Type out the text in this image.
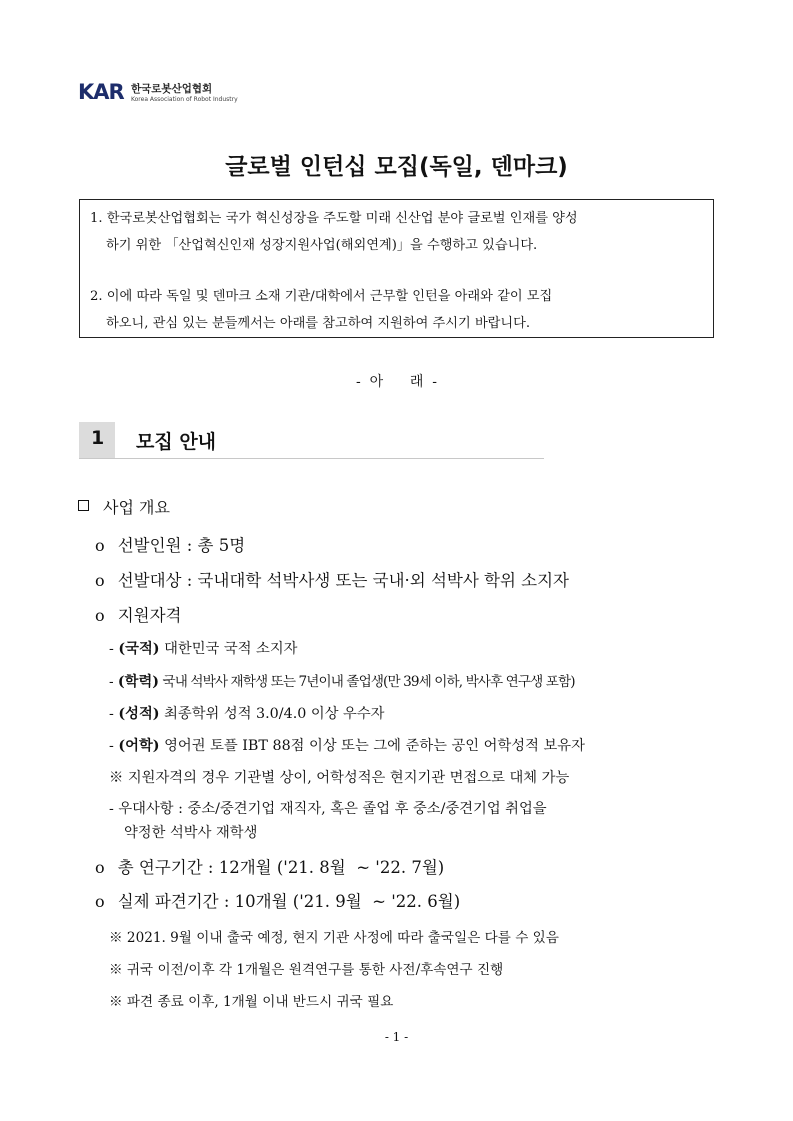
KAR 한국로봇산업협회
Korea Association of Robot Industry
글로벌 인턴십 모집(독일, 덴마크)
1. 한국로봇산업협회는 국가 혁신성장을 주도할 미래 신산업 분야 글로벌 인재를 양성
하기 위한 「산업혁신인재 성장지원사업(해외연계)」을 수행하고 있습니다.
2. 이에 따라 독일 및 덴마크 소재 기관/대학에서 근무할 인턴을 아래와 같이 모집
하오니, 관심 있는 분들께서는 아래를 참고하여 지원하여 주시기 바랍니다.
-  아      래  -
1 모집 안내
사업 개요
o 선발인원 : 총 5명
o 선발대상 : 국내대학 석박사생 또는 국내·외 석박사 학위 소지자
o 지원자격
- (국적) 대한민국 국적 소지자
- (학력) 국내 석박사 재학생 또는 7년이내 졸업생(만 39세 이하, 박사후 연구생 포함)
- (성적) 최종학위 성적 3.0/4.0 이상 우수자
- (어학) 영어권 토플 IBT 88점 이상 또는 그에 준하는 공인 어학성적 보유자
※ 지원자격의 경우 기관별 상이, 어학성적은 현지기관 면접으로 대체 가능
- 우대사항 : 중소/중견기업 재직자, 혹은 졸업 후 중소/중견기업 취업을
약정한 석박사 재학생
o 총 연구기간 : 12개월 ('21. 8월  ~ '22. 7월)
o 실제 파견기간 : 10개월 ('21. 9월  ~ '22. 6월)
※ 2021. 9월 이내 출국 예정, 현지 기관 사정에 따라 출국일은 다를 수 있음
※ 귀국 이전/이후 각 1개월은 원격연구를 통한 사전/후속연구 진행
※ 파견 종료 이후, 1개월 이내 반드시 귀국 필요
- 1 -
